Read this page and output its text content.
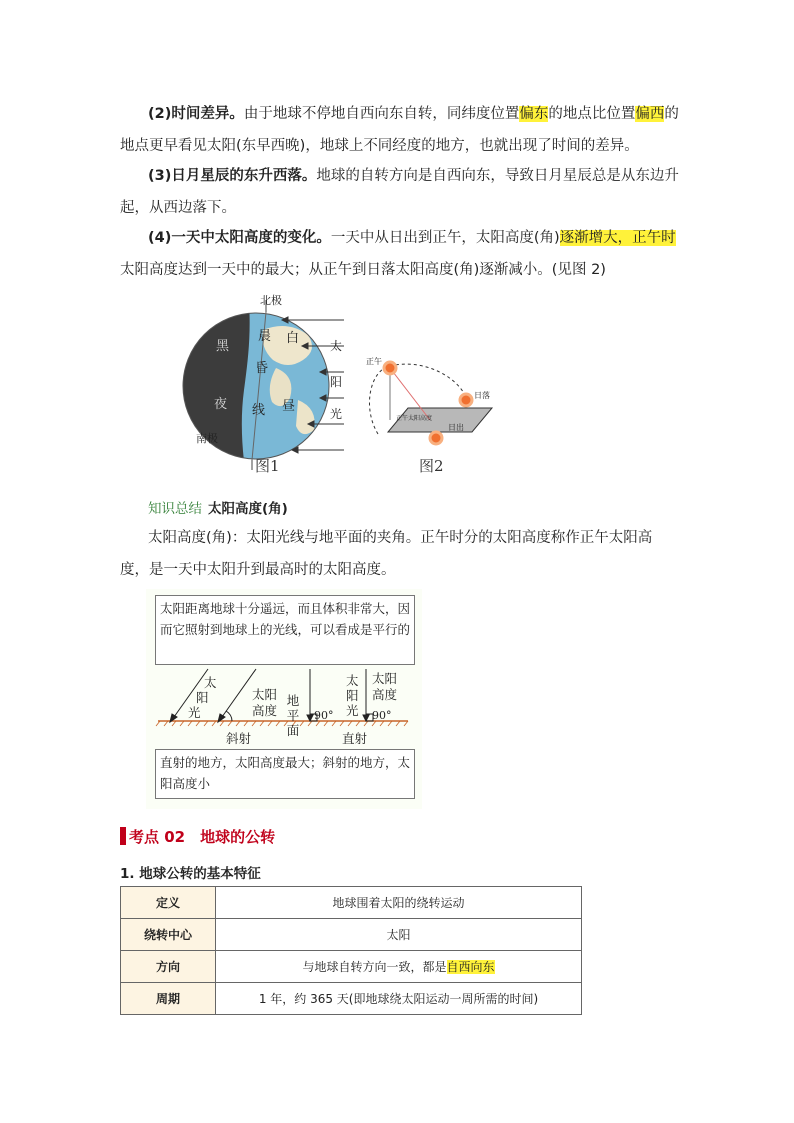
(2)时间差异。由于地球不停地自西向东自转，同纬度位置偏东的地点比位置偏西的地点更早看见太阳(东早西晚)，地球上不同经度的地方，也就出现了时间的差异。
(3)日月星辰的东升西落。地球的自转方向是自西向东，导致日月星辰总是从东边升起，从西边落下。
(4)一天中太阳高度的变化。一天中从日出到正午，太阳高度(角)逐渐增大，正午时太阳高度达到一天中的最大；从正午到日落太阳高度(角)逐渐减小。(见图 2)
北极
南极
黑
夜
晨
昏
线
白
昼
太
阳
光
图1
正午
日落
正午太阳高度
日出
图2
知识总结 太阳高度(角)
太阳高度(角)：太阳光线与地平面的夹角。正午时分的太阳高度称作正午太阳高度，是一天中太阳升到最高时的太阳高度。
太阳距离地球十分遥远，而且体积非常大，因而它照射到地球上的光线，可以看成是平行的
太
阳
光
太阳
高度
地
平
面
90°
太
阳
光
太阳
高度
90°
斜射	直射
直射的地方，太阳高度最大；斜射的地方，太阳高度小
考点 02　地球的公转
1. 地球公转的基本特征
定义	地球围着太阳的绕转运动
绕转中心	太阳
方向	与地球自转方向一致，都是自西向东
周期	1 年，约 365 天(即地球绕太阳运动一周所需的时间)
